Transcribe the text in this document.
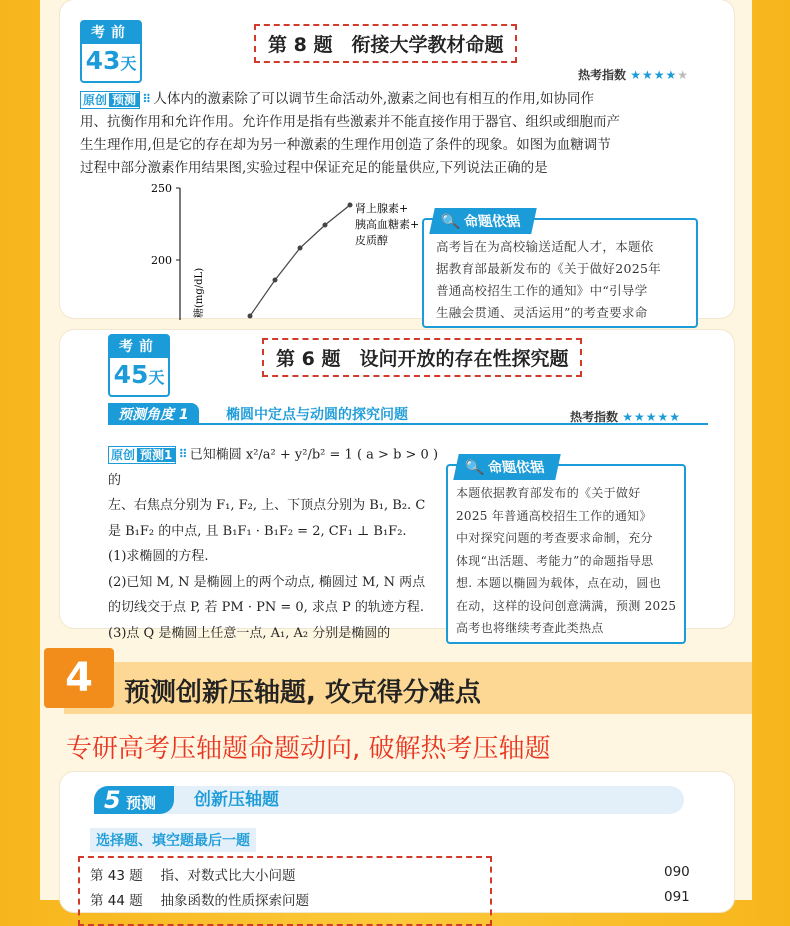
考前
43天
第 8 题　衔接大学教材命题
热考指数 ★★★★★
原创 预测 ⠿ 人体内的激素除了可以调节生命活动外,激素之间也有相互的作用,如协同作
用、抗衡作用和允许作用。允许作用是指有些激素并不能直接作用于器官、组织或细胞而产
生生理作用,但是它的存在却为另一种激素的生理作用创造了条件的现象。如图为血糖调节
过程中部分激素作用结果图,实验过程中保证充足的能量供应,下列说法正确的是
250
200
糖(mg/dL)
肾上腺素+
胰高血糖素+
皮质醇
🔍 命题依据
高考旨在为高校输送适配人才，本题依
据教育部最新发布的《关于做好2025年
普通高校招生工作的通知》中“引导学
生融会贯通、灵活运用”的考查要求命
考前
45天
第 6 题　设问开放的存在性探究题
预测角度 1	椭圆中定点与动圆的探究问题	热考指数 ★★★★★
原创 预测1 ⠿ 已知椭圆 x²/a² + y²/b² = 1 ( a > b > 0 ) 的
左、右焦点分别为 F₁, F₂, 上、下顶点分别为 B₁, B₂. C
是 B₁F₂ 的中点, 且 B₁F₁ · B₁F₂ = 2, CF₁ ⊥ B₁F₂.
(1)求椭圆的方程.
(2)已知 M, N 是椭圆上的两个动点, 椭圆过 M, N 两点
的切线交于点 P, 若 PM · PN = 0, 求点 P 的轨迹方程.
(3)点 Q 是椭圆上任意一点, A₁, A₂ 分别是椭圆的
🔍 命题依据
本题依据教育部发布的《关于做好
2025 年普通高校招生工作的通知》
中对探究问题的考查要求命制，充分
体现“出活题、考能力”的命题指导思
想. 本题以椭圆为载体，点在动，圆也
在动，这样的设问创意满满，预测 2025
高考也将继续考查此类热点
4	预测创新压轴题, 攻克得分难点
专研高考压轴题命题动向, 破解热考压轴题
5 预测	创新压轴题
选择题、填空题最后一题
第 43 题　 指、对数式比大小问题	090
第 44 题　 抽象函数的性质探索问题	091
